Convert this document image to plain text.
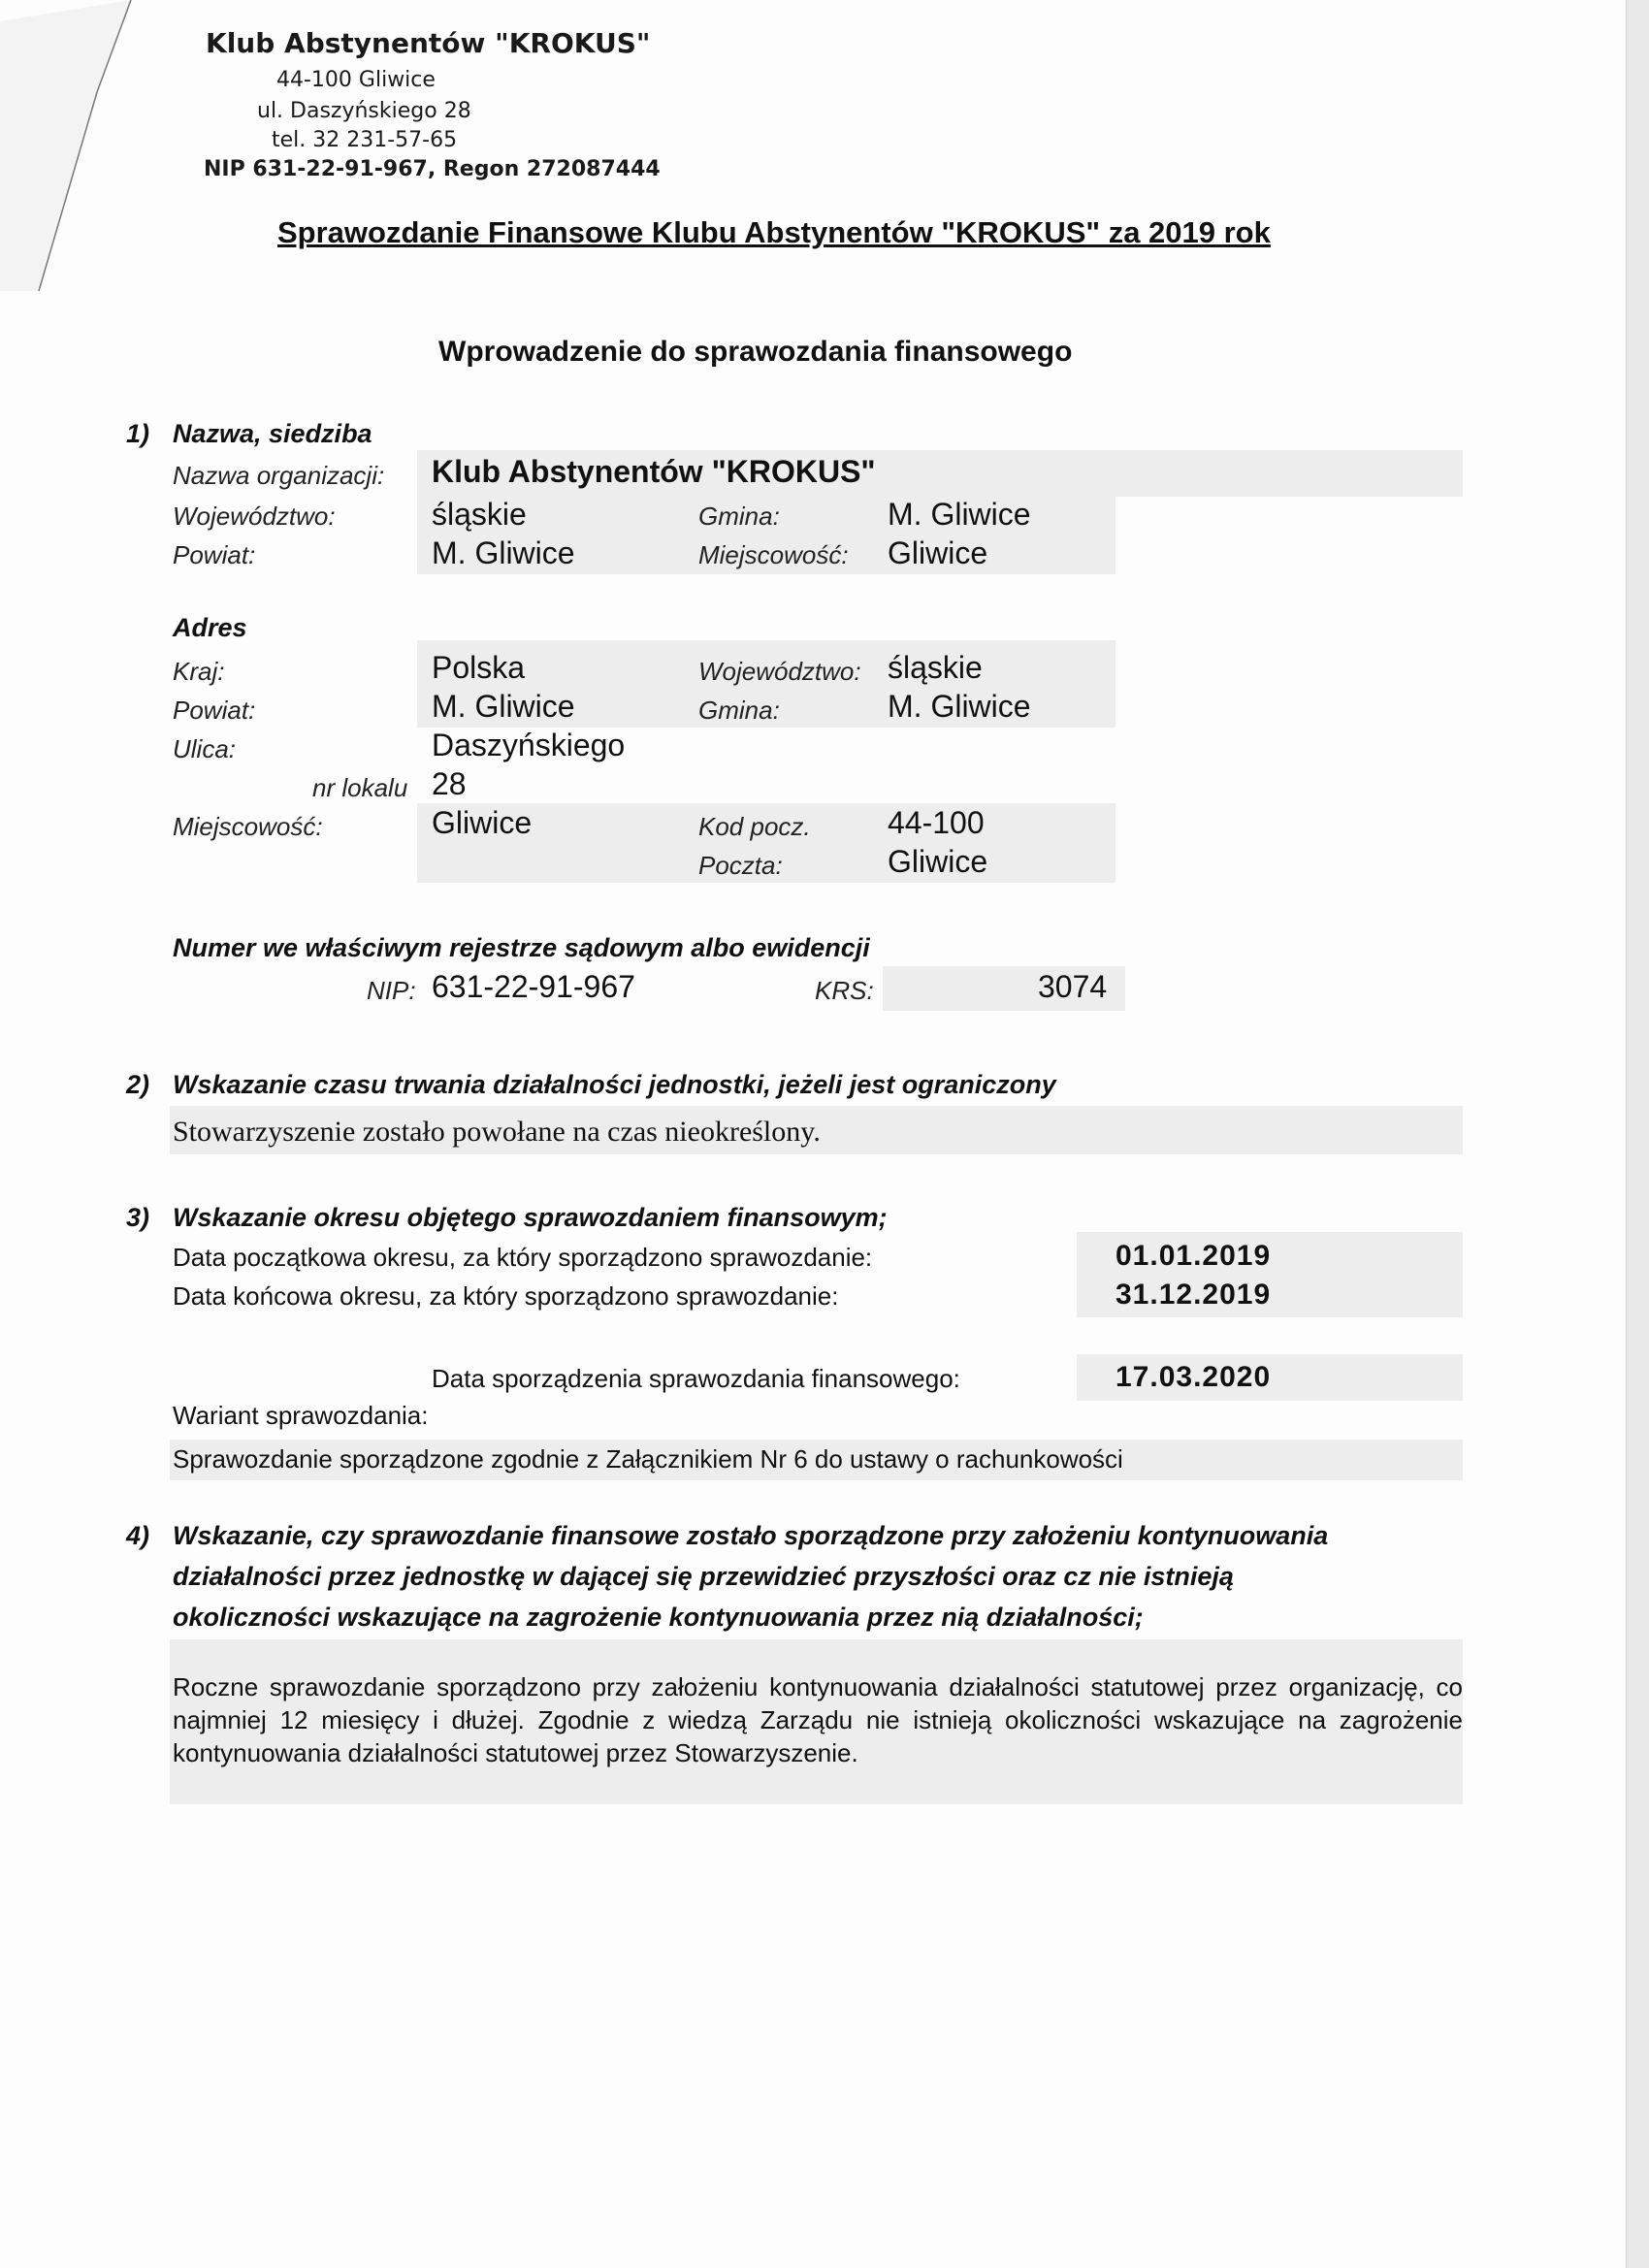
Klub Abstynentów "KROKUS"
44-100 Gliwice
ul. Daszyńskiego 28
tel. 32 231-57-65
NIP 631-22-91-967, Regon 272087444
Sprawozdanie Finansowe Klubu Abstynentów "KROKUS" za 2019 rok
Wprowadzenie do sprawozdania finansowego
1) Nazwa, siedziba
Nazwa organizacji: Klub Abstynentów "KROKUS"
Województwo:	śląskie	Gmina:	M. Gliwice
Powiat:	M. Gliwice	Miejscowość: Gliwice
Adres
Kraj:	Polska	Województwo: śląskie
Powiat:	M. Gliwice	Gmina:	M. Gliwice
Ulica:	Daszyńskiego
nr lokalu 28
Miejscowość:	Gliwice	Kod pocz. 44-100
Poczta:	Gliwice
Numer we właściwym rejestrze sądowym albo ewidencji
NIP: 631-22-91-967	KRS:	3074
2) Wskazanie czasu trwania działalności jednostki, jeżeli jest ograniczony
Stowarzyszenie zostało powołane na czas nieokreślony.
3) Wskazanie okresu objętego sprawozdaniem finansowym;
Data początkowa okresu, za który sporządzono sprawozdanie:	01.01.2019
Data końcowa okresu, za który sporządzono sprawozdanie:	31.12.2019
Data sporządzenia sprawozdania finansowego:	17.03.2020
Wariant sprawozdania:
Sprawozdanie sporządzone zgodnie z Załącznikiem Nr 6 do ustawy o rachunkowości
4) Wskazanie, czy sprawozdanie finansowe zostało sporządzone przy założeniu kontynuowania
działalności przez jednostkę w dającej się przewidzieć przyszłości oraz cz nie istnieją
okoliczności wskazujące na zagrożenie kontynuowania przez nią działalności;
Roczne sprawozdanie sporządzono przy założeniu kontynuowania działalności statutowej przez organizację, co najmniej 12 miesięcy i dłużej. Zgodnie z wiedzą Zarządu nie istnieją okoliczności wskazujące na zagrożenie kontynuowania działalności statutowej przez Stowarzyszenie.
